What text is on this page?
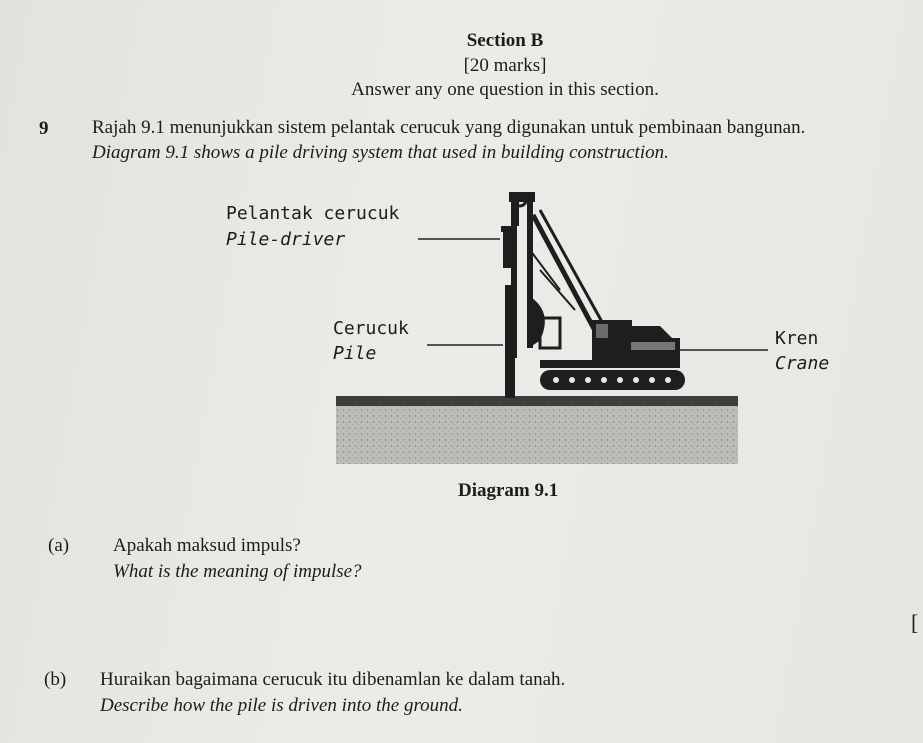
Section B
[20 marks]
Answer any one question in this section.
9 Rajah 9.1 menunjukkan sistem pelantak cerucuk yang digunakan untuk pembinaan bangunan.
Diagram 9.1 shows a pile driving system that used in building construction.
Pelantak cerucuk
Pile-driver
Cerucuk
Pile
Kren
Crane
Diagram 9.1
(a) Apakah maksud impuls?
What is the meaning of impulse?
[
(b) Huraikan bagaimana cerucuk itu dibenamlan ke dalam tanah.
Describe how the pile is driven into the ground.
